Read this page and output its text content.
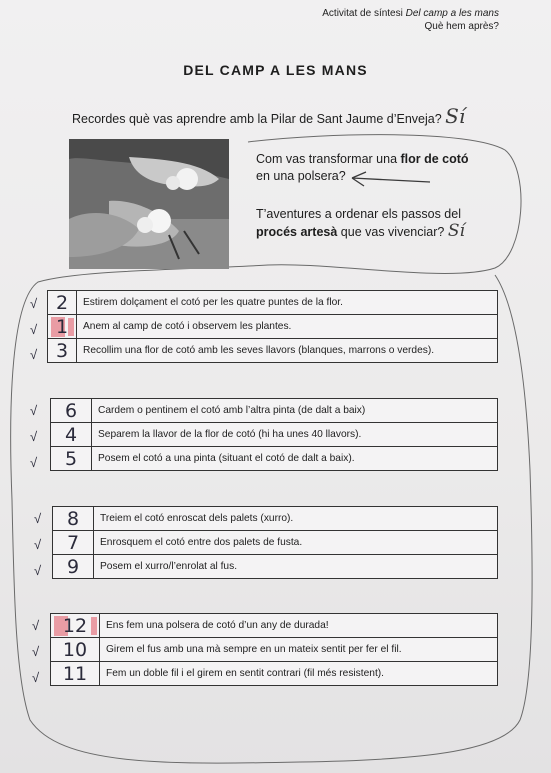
Activitat de síntesi Del camp a les mans
Què hem après?
DEL CAMP A LES MANS
Recordes què vas aprendre amb la Pilar de Sant Jaume d’Enveja? Sí
Com vas transformar una flor de cotó
en una polsera?
T’aventures a ordenar els passos del
procés artesà que vas vivenciar? Sí
2	Estirem dolçament el cotó per les quatre puntes de la flor.

1	Anem al camp de cotó i observem les plantes.
3	Recollim una flor de cotó amb les seves llavors (blanques, marrons o verdes).
√
√
√
6	Cardem o pentinem el cotó amb l’altra pinta (de dalt a baix)
4	Separem la llavor de la flor de cotó (hi ha unes 40 llavors).
5	Posem el cotó a una pinta (situant el cotó de dalt a baix).
√
√
√
8	Treiem el cotó enroscat dels palets (xurro).
7	Enrosquem el cotó entre dos palets de fusta.
9	Posem el xurro/l’enrolat al fus.
√
√
√
12	Ens fem una polsera de cotó d’un any de durada!
10	Girem el fus amb una mà sempre en un mateix sentit per fer el fil.
11	Fem un doble fil i el girem en sentit contrari (fil més resistent).
√
√
√
